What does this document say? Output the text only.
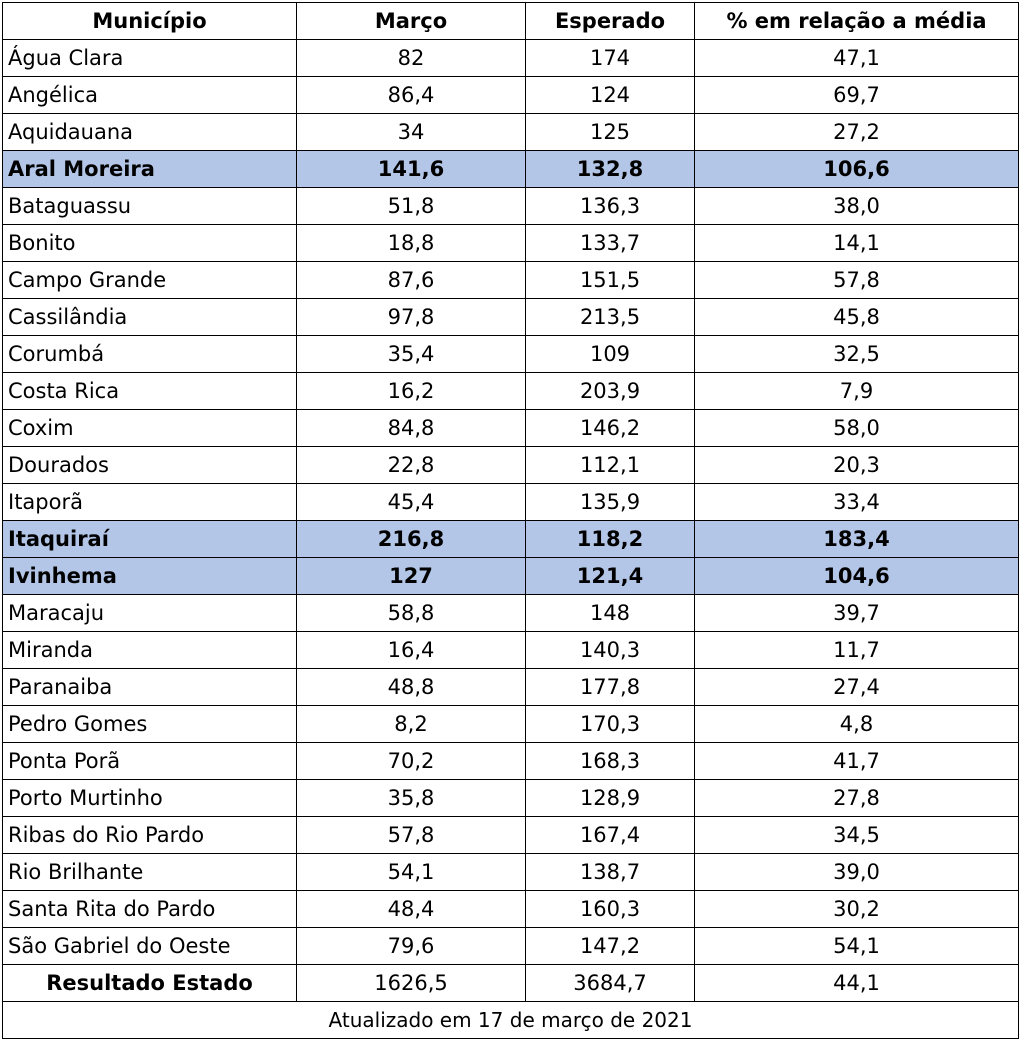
Município	Março	Esperado	% em relação a média
Água Clara	82	174	47,1
Angélica	86,4	124	69,7
Aquidauana	34	125	27,2
Aral Moreira	141,6	132,8	106,6
Bataguassu	51,8	136,3	38,0
Bonito	18,8	133,7	14,1
Campo Grande	87,6	151,5	57,8
Cassilândia	97,8	213,5	45,8
Corumbá	35,4	109	32,5
Costa Rica	16,2	203,9	7,9
Coxim	84,8	146,2	58,0
Dourados	22,8	112,1	20,3
Itaporã	45,4	135,9	33,4
Itaquiraí	216,8	118,2	183,4
Ivinhema	127	121,4	104,6
Maracaju	58,8	148	39,7
Miranda	16,4	140,3	11,7
Paranaiba	48,8	177,8	27,4
Pedro Gomes	8,2	170,3	4,8
Ponta Porã	70,2	168,3	41,7
Porto Murtinho	35,8	128,9	27,8
Ribas do Rio Pardo	57,8	167,4	34,5
Rio Brilhante	54,1	138,7	39,0
Santa Rita do Pardo	48,4	160,3	30,2
São Gabriel do Oeste	79,6	147,2	54,1
Resultado Estado	1626,5	3684,7	44,1
Atualizado em 17 de março de 2021			
